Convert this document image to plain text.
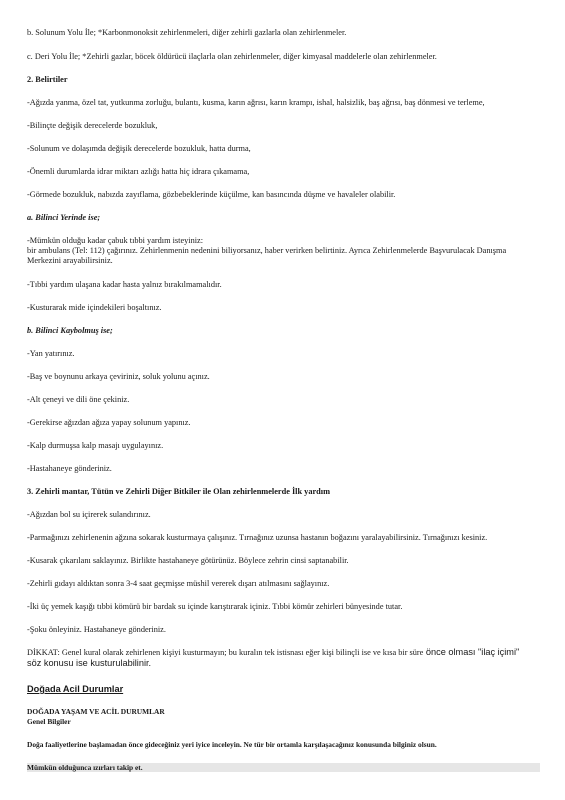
b. Solunum Yolu İle; *Karbonmonoksit zehirlenmeleri, diğer zehirli gazlarla olan zehirlenmeler.

c. Deri Yolu İle; *Zehirli gazlar, böcek öldürücü ilaçlarla olan zehirlenmeler, diğer kimyasal maddelerle olan zehirlenmeler.

2. Belirtiler

-Ağızda yanma, özel tat, yutkunma zorluğu, bulantı, kusma, karın ağrısı, karın krampı, ishal, halsizlik, baş ağrısı, baş dönmesi ve terleme,

-Bilinçte değişik derecelerde bozukluk,

-Solunum ve dolaşımda değişik derecelerde bozukluk, hatta durma,

-Önemli durumlarda idrar miktarı azlığı hatta hiç idrara çıkamama,

-Görmede bozukluk, nabızda zayıflama, gözbebeklerinde küçülme, kan basıncında düşme ve havaleler olabilir.

a. Bilinci Yerinde ise;

-Mümkün olduğu kadar çabuk tıbbi yardım isteyiniz:

bir ambulans (Tel: 112) çağırınız. Zehirlenmenin nedenini biliyorsanız, haber verirken belirtiniz. Ayrıca Zehirlenmelerde Başvurulacak Danışma Merkezini arayabilirsiniz.

-Tıbbi yardım ulaşana kadar hasta yalnız bırakılmamalıdır.

-Kusturarak mide içindekileri boşaltınız.

b. Bilinci Kaybolmuş ise;

-Yan yatırınız.

-Baş ve boynunu arkaya çeviriniz, soluk yolunu açınız.

-Alt çeneyi ve dili öne çekiniz.

-Gerekirse ağızdan ağıza yapay solunum yapınız.

-Kalp durmuşsa kalp masajı uygulayınız.

-Hastahaneye gönderiniz.

3. Zehirli mantar, Tütün ve Zehirli Diğer Bitkiler ile Olan zehirlenmelerde İlk yardım

-Ağızdan bol su içirerek sulandırınız.

-Parmağınızı zehirlenenin ağzına sokarak kusturmaya çalışınız. Tırnağınız uzunsa hastanın boğazını yaralayabilirsiniz. Tırnağınızı kesiniz.

-Kusarak çıkarılanı saklayınız. Birlikte hastahaneye götürünüz. Böylece zehrin cinsi saptanabilir.

-Zehirli gıdayı aldıktan sonra 3-4 saat geçmişse müshil vererek dışarı atılmasını sağlayınız.

-İki üç yemek kaşığı tıbbi kömürü bir bardak su içinde karıştırarak içiniz. Tıbbi kömür zehirleri bünyesinde tutar.

-Şoku önleyiniz. Hastahaneye gönderiniz.

DİKKAT: Genel kural olarak zehirlenen kişiyi kusturmayın; bu kuralın tek istisnası eğer kişi bilinçli ise ve kısa bir süre önce olması "ilaç içimi"
söz konusu ise kusturulabilinir.

Doğada Acil Durumlar

DOĞADA YAŞAM VE ACİL DURUMLAR

Genel Bilgiler

Doğa faaliyetlerine başlamadan önce gideceğiniz yeri iyice inceleyin. Ne tür bir ortamla karşılaşacağınız konusunda bilginiz olsun.

Mümkün olduğunca ızırları takip et.
